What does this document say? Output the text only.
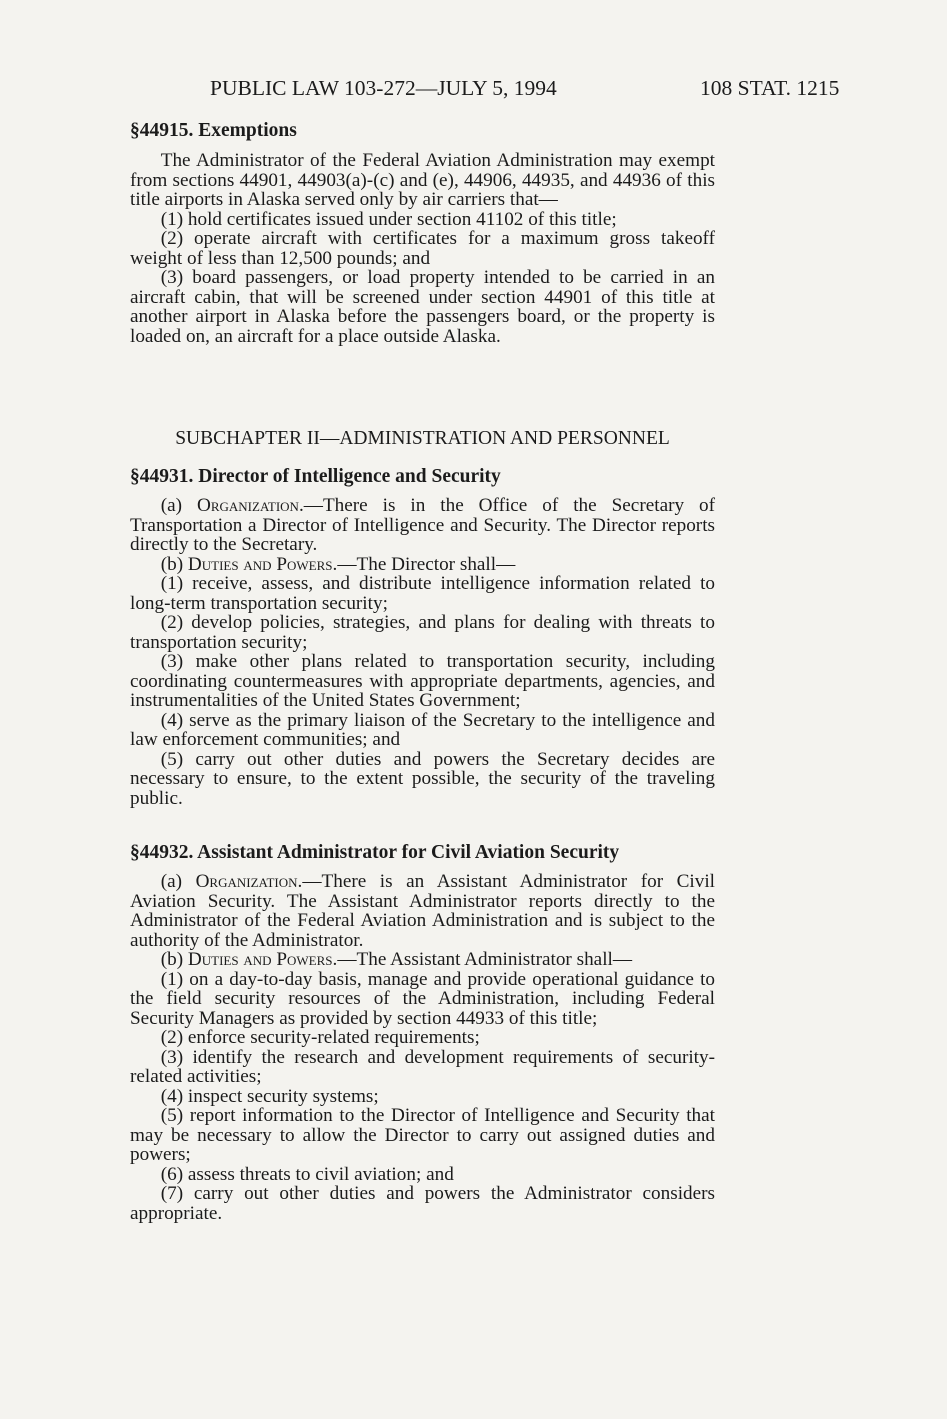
PUBLIC LAW 103-272—JULY 5, 1994	108 STAT. 1215

§44915. Exemptions

The Administrator of the Federal Aviation Administration may exempt from sections 44901, 44903(a)-(c) and (e), 44906, 44935, and 44936 of this title airports in Alaska served only by air carriers that—

(1) hold certificates issued under section 41102 of this title;

(2) operate aircraft with certificates for a maximum gross takeoff weight of less than 12,500 pounds; and

(3) board passengers, or load property intended to be carried in an aircraft cabin, that will be screened under section 44901 of this title at another airport in Alaska before the passengers board, or the property is loaded on, an aircraft for a place outside Alaska.

SUBCHAPTER II—ADMINISTRATION AND PERSONNEL

§44931. Director of Intelligence and Security

(a) Organization.—There is in the Office of the Secretary of Transportation a Director of Intelligence and Security. The Director reports directly to the Secretary.

(b) Duties and Powers.—The Director shall—

(1) receive, assess, and distribute intelligence information related to long-term transportation security;

(2) develop policies, strategies, and plans for dealing with threats to transportation security;

(3) make other plans related to transportation security, including coordinating countermeasures with appropriate departments, agencies, and instrumentalities of the United States Government;

(4) serve as the primary liaison of the Secretary to the intelligence and law enforcement communities; and

(5) carry out other duties and powers the Secretary decides are necessary to ensure, to the extent possible, the security of the traveling public.

§44932. Assistant Administrator for Civil Aviation Security

(a) Organization.—There is an Assistant Administrator for Civil Aviation Security. The Assistant Administrator reports directly to the Administrator of the Federal Aviation Administration and is subject to the authority of the Administrator.

(b) Duties and Powers.—The Assistant Administrator shall—

(1) on a day-to-day basis, manage and provide operational guidance to the field security resources of the Administration, including Federal Security Managers as provided by section 44933 of this title;

(2) enforce security-related requirements;

(3) identify the research and development requirements of security-related activities;

(4) inspect security systems;

(5) report information to the Director of Intelligence and Security that may be necessary to allow the Director to carry out assigned duties and powers;

(6) assess threats to civil aviation; and

(7) carry out other duties and powers the Administrator considers appropriate.
